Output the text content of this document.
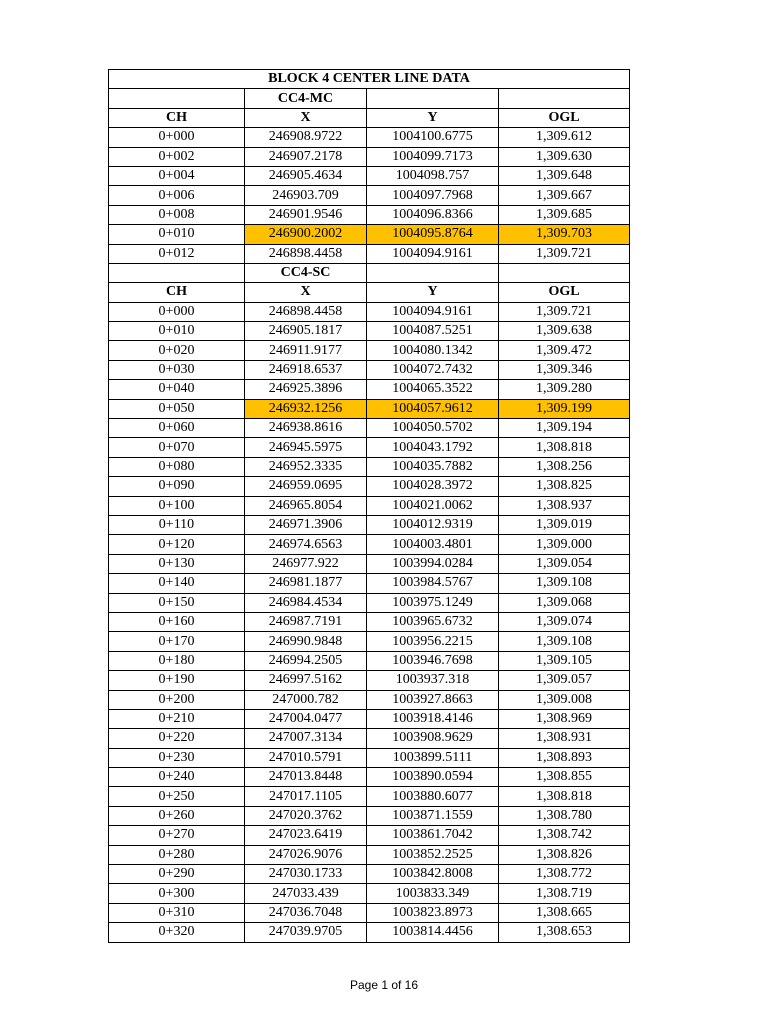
BLOCK 4 CENTER LINE DATA			
	CC4-MC		
CH	X	Y	OGL
0+000	246908.9722	1004100.6775	1,309.612
0+002	246907.2178	1004099.7173	1,309.630
0+004	246905.4634	1004098.757	1,309.648
0+006	246903.709	1004097.7968	1,309.667
0+008	246901.9546	1004096.8366	1,309.685
0+010	246900.2002	1004095.8764	1,309.703
0+012	246898.4458	1004094.9161	1,309.721
	CC4-SC		
CH	X	Y	OGL
0+000	246898.4458	1004094.9161	1,309.721
0+010	246905.1817	1004087.5251	1,309.638
0+020	246911.9177	1004080.1342	1,309.472
0+030	246918.6537	1004072.7432	1,309.346
0+040	246925.3896	1004065.3522	1,309.280
0+050	246932.1256	1004057.9612	1,309.199
0+060	246938.8616	1004050.5702	1,309.194
0+070	246945.5975	1004043.1792	1,308.818
0+080	246952.3335	1004035.7882	1,308.256
0+090	246959.0695	1004028.3972	1,308.825
0+100	246965.8054	1004021.0062	1,308.937
0+110	246971.3906	1004012.9319	1,309.019
0+120	246974.6563	1004003.4801	1,309.000
0+130	246977.922	1003994.0284	1,309.054
0+140	246981.1877	1003984.5767	1,309.108
0+150	246984.4534	1003975.1249	1,309.068
0+160	246987.7191	1003965.6732	1,309.074
0+170	246990.9848	1003956.2215	1,309.108
0+180	246994.2505	1003946.7698	1,309.105
0+190	246997.5162	1003937.318	1,309.057
0+200	247000.782	1003927.8663	1,309.008
0+210	247004.0477	1003918.4146	1,308.969
0+220	247007.3134	1003908.9629	1,308.931
0+230	247010.5791	1003899.5111	1,308.893
0+240	247013.8448	1003890.0594	1,308.855
0+250	247017.1105	1003880.6077	1,308.818
0+260	247020.3762	1003871.1559	1,308.780
0+270	247023.6419	1003861.7042	1,308.742
0+280	247026.9076	1003852.2525	1,308.826
0+290	247030.1733	1003842.8008	1,308.772
0+300	247033.439	1003833.349	1,308.719
0+310	247036.7048	1003823.8973	1,308.665
0+320	247039.9705	1003814.4456	1,308.653
Page 1 of 16
